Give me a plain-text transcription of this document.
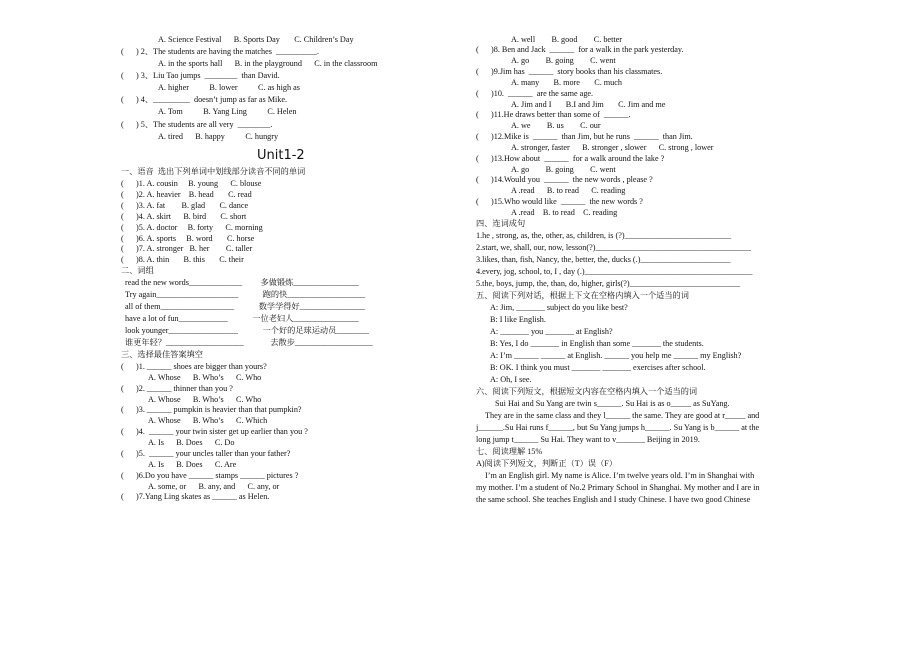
A. Science Festival      B. Sports Day       C. Children’s Day
(      ) 2、The students are having the matches  __________.
A. in the sports hall      B. in the playground      C. in the classroom
(      ) 3、Liu Tao jumps  ________  than David.
A. higher          B. lower          C. as high as
(      ) 4、_________  doesn’t jump as far as Mike.
A. Tom          B. Yang Ling          C. Helen
(      ) 5、The students are all very  ________.
A. tired      B. happy          C. hungry
Unit1-2
一、语音  选出下列单词中划线部分读音不同的单词
(      )1. A. cousin     B. young      C. blouse
(      )2. A. heavier    B. head       C. read
(      )3. A. fat        B. glad       C. dance
(      )4. A. skirt      B. bird       C. short
(      )5. A. doctor     B. forty      C. morning
(      )6. A. sports     B. word       C. horse
(      )7. A. stronger   B. her        C. taller
(      )8. A. thin       B. this       C. their
二、词组
read the new words_____________         多做锻炼________________
Try again____________________            跑的快___________________
all of them__________________            数学学得好________________
have a lot of fun____________            一位老妇人________________
look younger_________________            一个好的足球运动员________
谁更年轻？___________________             去散步___________________
三、选择最佳答案填空
(      )1. ______ shoes are bigger than yours?
A. Whose      B. Who’s      C. Who
(      )2. ______ thinner than you ?
A. Whose      B. Who’s      C. Who
(      )3. ______ pumpkin is heavier than that pumpkin?
A. Whose      B. Who’s      C. Which
(      )4.  ______ your twin sister get up earlier than you ?
A. Is      B. Does      C. Do
(      )5.  ______ your uncles taller than your father?
A. Is      B. Does      C. Are
(      )6.Do you have ______ stamps ______ pictures ?
A. some, or      B. any, and      C. any, or
(      )7.Yang Ling skates as ______ as Helen.
A. well        B. good        C. better
(      )8. Ben and Jack  ______  for a walk in the park yesterday.
A. go        B. going        C. went
(      )9.Jim has  ______  story books than his classmates.
A. many       B. more       C. much
(      )10.  ______  are the same age.
A. Jim and I       B.I and Jim       C. Jim and me
(      )11.He draws better than some of  ______.
A. we        B. us        C. our
(      )12.Mike is  ______  than Jim, but he runs  ______  than Jim.
A. stronger, faster      B. stronger , slower      C. strong , lower
(      )13.How about  ______  for a walk around the lake ?
A. go        B. going        C. went
(      )14.Would you  ______  the new words , please ?
A .read      B. to read      C. reading
(      )15.Who would like  ______  the new words ?
A .read    B. to read    C. reading
四、连词成句
1.he , strong, as, the, other, as, children, is (?)__________________________
2.start, we, shall, our, now, lesson(?)______________________________________
3.likes, than, fish, Nancy, the, better, the, ducks (.)______________________
4.every, jog, school, to, I , day (.)_________________________________________
5.the, boys, jump, the, than, do, higher, girls(?)___________________________
五、阅读下列对话，根据上下文在空格内填入一个适当的词
A: Jim, _______ subject do you like best?
B: I like English.
A: _______ you _______ at English?
B: Yes, I do _______ in English than some _______ the students.
A: I’m ______ ______ at English. ______ you help me ______ my English?
B: OK. I think you must _______ _______ exercises after school.
A: Oh, I see.
六、阅读下列短文，根据短文内容在空格内填入一个适当的词
Sui Hai and Su Yang are twin s______. Su Hai is as o_____ as SuYang.
They are in the same class and they l______ the same. They are good at r_____ and
j______.Su Hai runs f______, but Su Yang jumps h______. Su Yang is b______ at the
long jump t______ Su Hai. They want to v_______ Beijing in 2019.
七、阅读理解 15%
A)阅读下列短文，判断正（T）误（F）
I’m an English girl. My name is Alice. I’m twelve years old. I’m in Shanghai with
my mother. I’m a student of No.2 Primary School in Shanghai. My mother and I are in
the same school. She teaches English and I study Chinese. I have two good Chinese
